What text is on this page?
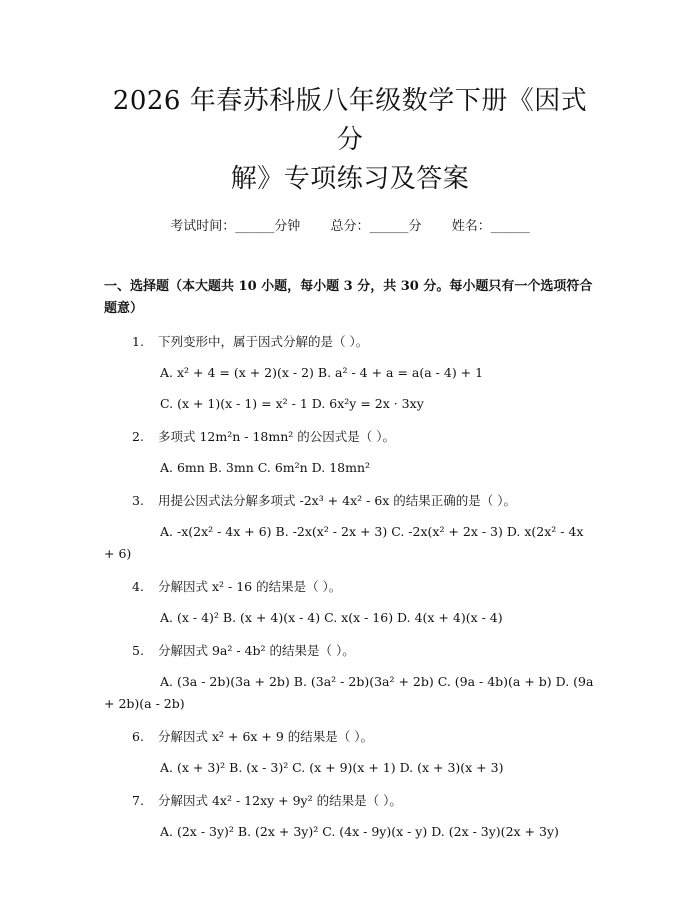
2026 年春苏科版八年级数学下册《因式分
解》专项练习及答案
考试时间：______分钟 总分：______分 姓名：______
一、选择题（本大题共 10 小题，每小题 3 分，共 30 分。每小题只有一个选项符合题意）
1. 下列变形中，属于因式分解的是（ ）。
A. x² + 4 = (x + 2)(x - 2) B. a² - 4 + a = a(a - 4) + 1
C. (x + 1)(x - 1) = x² - 1 D. 6x²y = 2x · 3xy
2. 多项式 12m²n - 18mn² 的公因式是（ ）。
A. 6mn B. 3mn C. 6m²n D. 18mn²
3. 用提公因式法分解多项式 -2x³ + 4x² - 6x 的结果正确的是（ ）。
A. -x(2x² - 4x + 6) B. -2x(x² - 2x + 3) C. -2x(x² + 2x - 3) D. x(2x² - 4x + 6)
4. 分解因式 x² - 16 的结果是（ ）。
A. (x - 4)² B. (x + 4)(x - 4) C. x(x - 16) D. 4(x + 4)(x - 4)
5. 分解因式 9a² - 4b² 的结果是（ ）。
A. (3a - 2b)(3a + 2b) B. (3a² - 2b)(3a² + 2b) C. (9a - 4b)(a + b) D. (9a + 2b)(a - 2b)
6. 分解因式 x² + 6x + 9 的结果是（ ）。
A. (x + 3)² B. (x - 3)² C. (x + 9)(x + 1) D. (x + 3)(x + 3)
7. 分解因式 4x² - 12xy + 9y² 的结果是（ ）。
A. (2x - 3y)² B. (2x + 3y)² C. (4x - 9y)(x - y) D. (2x - 3y)(2x + 3y)
